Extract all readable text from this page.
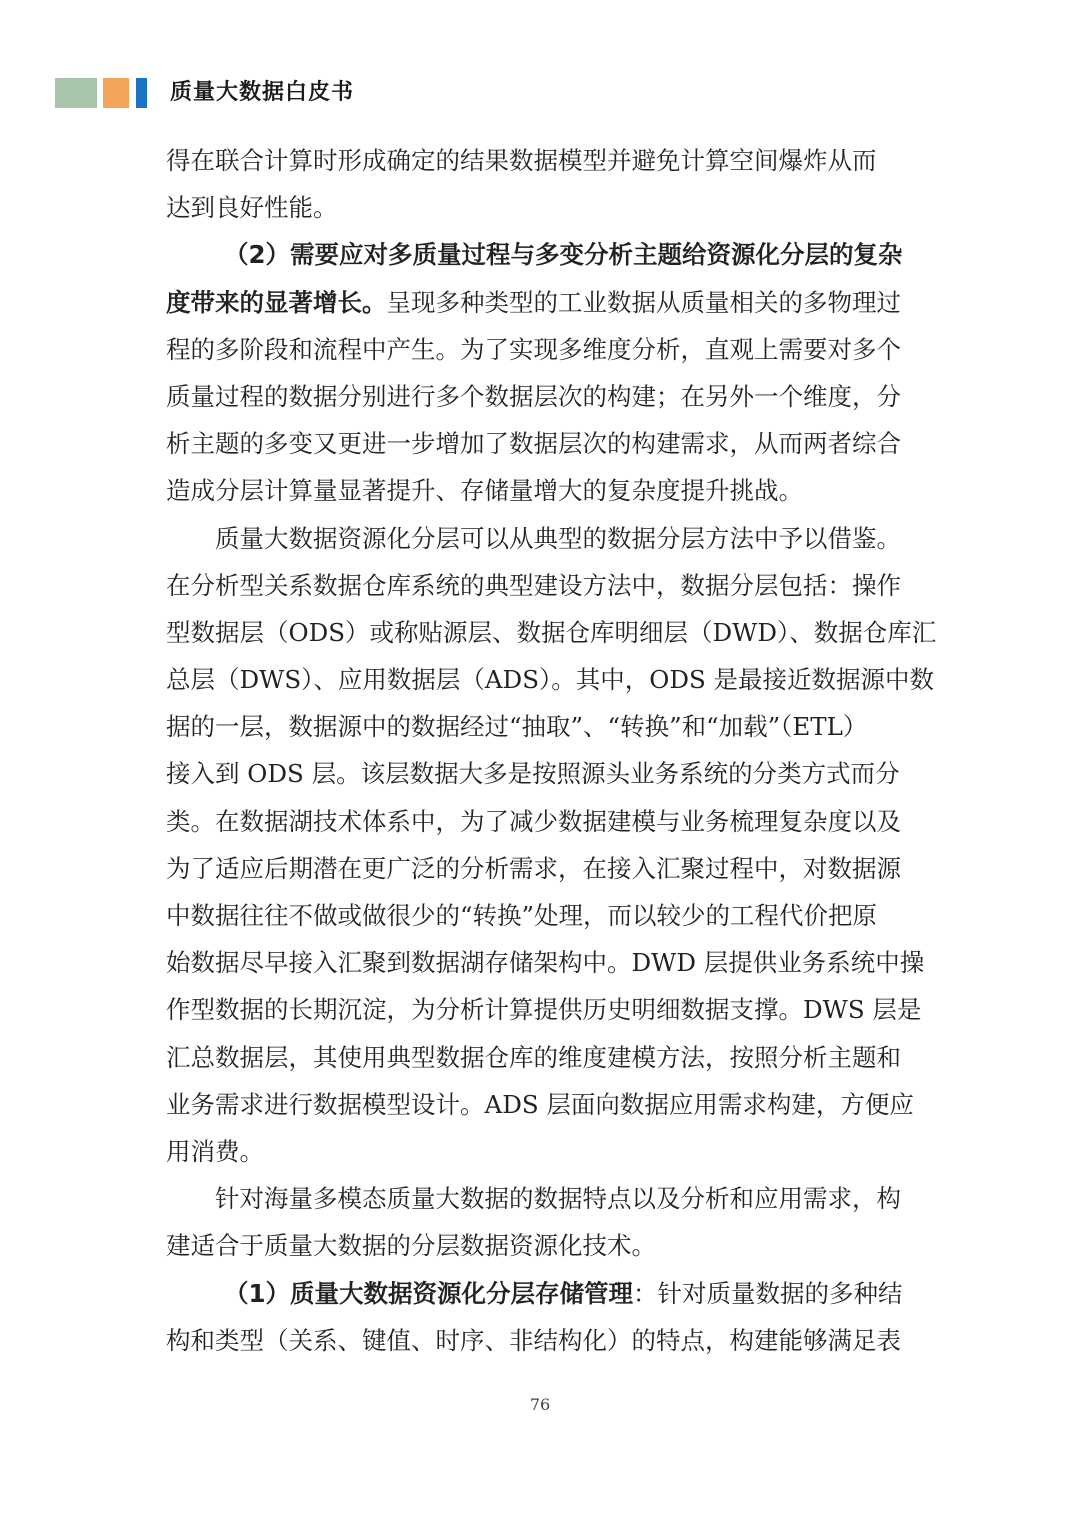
质量大数据白皮书
得在联合计算时形成确定的结果数据模型并避免计算空间爆炸从而
达到良好性能。
（2）需要应对多质量过程与多变分析主题给资源化分层的复杂
度带来的显著增长。呈现多种类型的工业数据从质量相关的多物理过
程的多阶段和流程中产生。为了实现多维度分析，直观上需要对多个
质量过程的数据分别进行多个数据层次的构建；在另外一个维度，分
析主题的多变又更进一步增加了数据层次的构建需求，从而两者综合
造成分层计算量显著提升、存储量增大的复杂度提升挑战。
质量大数据资源化分层可以从典型的数据分层方法中予以借鉴。
在分析型关系数据仓库系统的典型建设方法中，数据分层包括：操作
型数据层（ODS）或称贴源层、数据仓库明细层（DWD）、数据仓库汇
总层（DWS）、应用数据层（ADS）。其中，ODS 是最接近数据源中数
据的一层，数据源中的数据经过“抽取”、“转换”和“加载”（ETL）
接入到 ODS 层。该层数据大多是按照源头业务系统的分类方式而分
类。在数据湖技术体系中，为了减少数据建模与业务梳理复杂度以及
为了适应后期潜在更广泛的分析需求，在接入汇聚过程中，对数据源
中数据往往不做或做很少的“转换”处理，而以较少的工程代价把原
始数据尽早接入汇聚到数据湖存储架构中。DWD 层提供业务系统中操
作型数据的长期沉淀，为分析计算提供历史明细数据支撑。DWS 层是
汇总数据层，其使用典型数据仓库的维度建模方法，按照分析主题和
业务需求进行数据模型设计。ADS 层面向数据应用需求构建，方便应
用消费。
针对海量多模态质量大数据的数据特点以及分析和应用需求，构
建适合于质量大数据的分层数据资源化技术。
（1）质量大数据资源化分层存储管理：针对质量数据的多种结
构和类型（关系、键值、时序、非结构化）的特点，构建能够满足表
76
